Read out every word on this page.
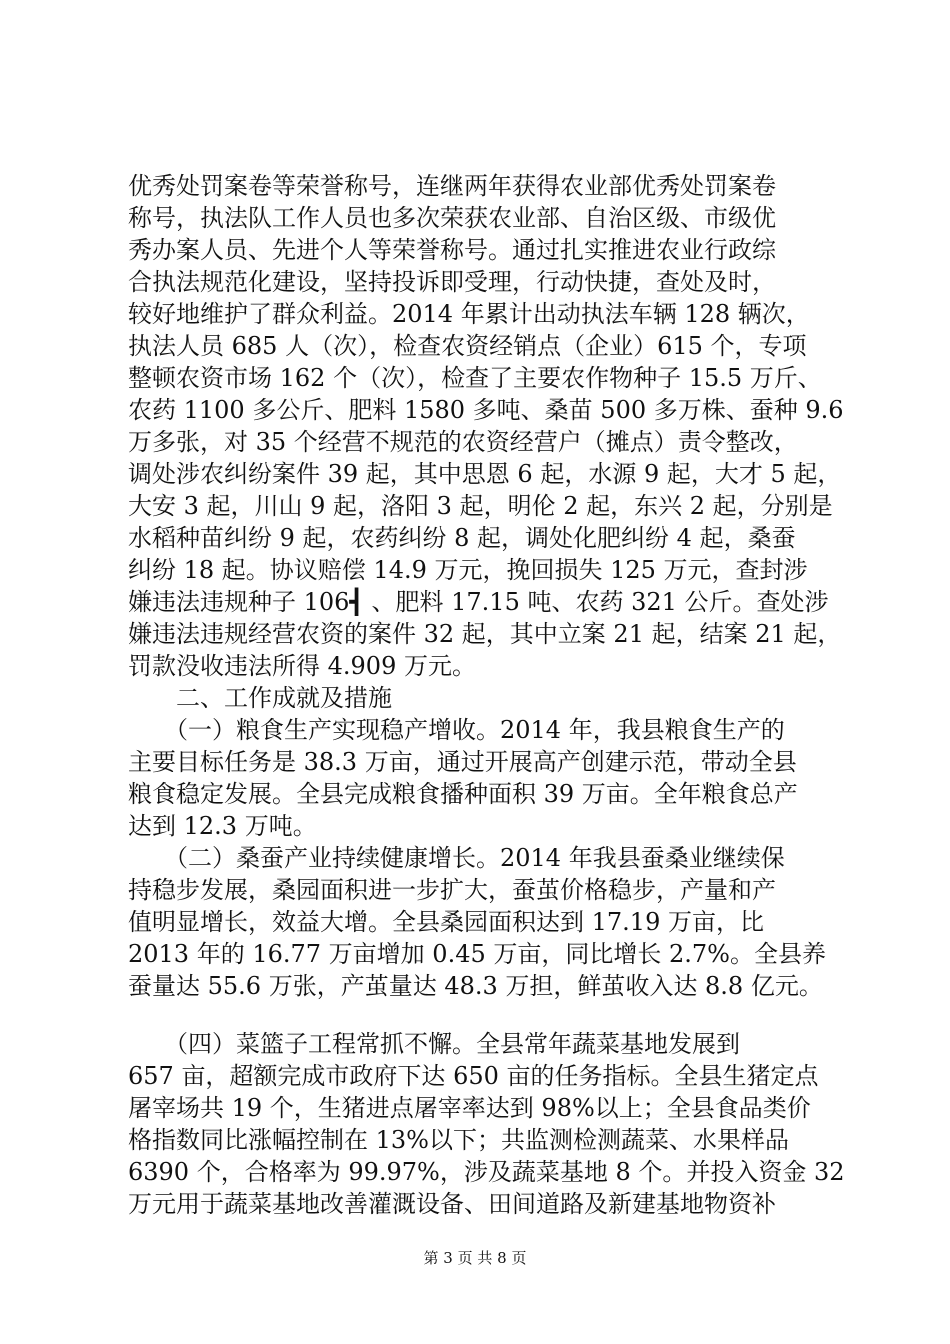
优秀处罚案卷等荣誉称号，连继两年获得农业部优秀处罚案卷
称号，执法队工作人员也多次荣获农业部、自治区级、市级优
秀办案人员、先进个人等荣誉称号。通过扎实推进农业行政综
合执法规范化建设，坚持投诉即受理，行动快捷，查处及时，
较好地维护了群众利益。2014 年累计出动执法车辆 128 辆次，
执法人员 685 人（次），检查农资经销点（企业）615 个，专项
整顿农资市场 162 个（次），检查了主要农作物种子 15.5 万斤、
农药 1100 多公斤、肥料 1580 多吨、桑苗 500 多万株、蚕种 9.6
万多张，对 35 个经营不规范的农资经营户（摊点）责令整改，
调处涉农纠纷案件 39 起，其中思恩 6 起，水源 9 起，大才 5 起，
大安 3 起，川山 9 起，洛阳 3 起，明伦 2 起，东兴 2 起，分别是
水稻种苗纠纷 9 起，农药纠纷 8 起，调处化肥纠纷 4 起，桑蚕
纠纷 18 起。协议赔偿 14.9 万元，挽回损失 125 万元，查封涉
嫌违法违规种子 106┫ 、肥料 17.15 吨、农药 321 公斤。查处涉
嫌违法违规经营农资的案件 32 起，其中立案 21 起，结案 21 起，
罚款没收违法所得 4.909 万元。
　　二、工作成就及措施
　　（一）粮食生产实现稳产增收。2014 年，我县粮食生产的
主要目标任务是 38.3 万亩，通过开展高产创建示范，带动全县
粮食稳定发展。全县完成粮食播种面积 39 万亩。全年粮食总产
达到 12.3 万吨。
　　（二）桑蚕产业持续健康增长。2014 年我县蚕桑业继续保
持稳步发展，桑园面积进一步扩大，蚕茧价格稳步，产量和产
值明显增长，效益大增。全县桑园面积达到 17.19 万亩，比
2013 年的 16.77 万亩增加 0.45 万亩，同比增长 2.7%。全县养
蚕量达 55.6 万张，产茧量达 48.3 万担，鲜茧收入达 8.8 亿元。
　　（四）菜篮子工程常抓不懈。全县常年蔬菜基地发展到
657 亩，超额完成市政府下达 650 亩的任务指标。全县生猪定点
屠宰场共 19 个，生猪进点屠宰率达到 98%以上；全县食品类价
格指数同比涨幅控制在 13%以下；共监测检测蔬菜、水果样品
6390 个，合格率为 99.97%，涉及蔬菜基地 8 个。并投入资金 32
万元用于蔬菜基地改善灌溉设备、田间道路及新建基地物资补
第 3 页 共 8 页
